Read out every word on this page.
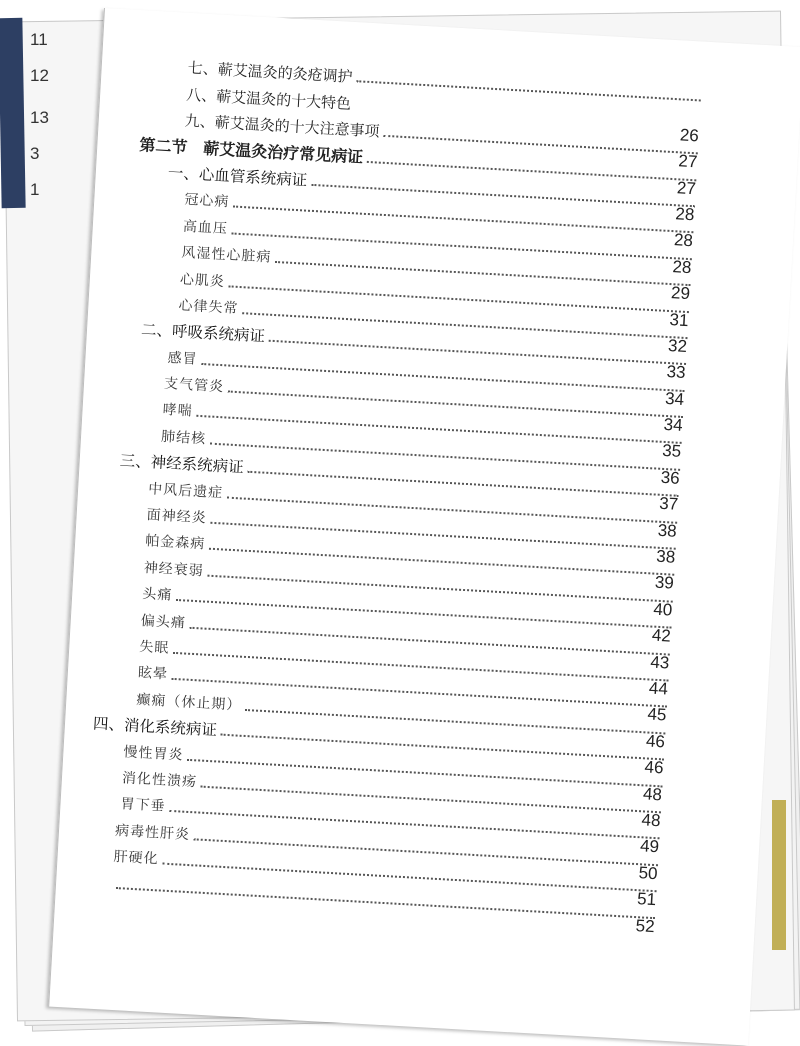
11
12
13
3
1
七、蕲艾温灸的灸疮调护
八、蕲艾温灸的十大特色
26
九、蕲艾温灸的十大注意事项
27
第二节　蕲艾温灸治疗常见病证
27
一、心血管系统病证
28
冠心病
28
高血压
28
风湿性心脏病
29
心肌炎
31
心律失常
32
二、呼吸系统病证
33
感冒
34
支气管炎
34
哮喘
35
肺结核
36
三、神经系统病证
37
中风后遗症
38
面神经炎
38
帕金森病
39
神经衰弱
40
头痛
42
偏头痛
43
失眠
44
眩晕
45
癫痫（休止期）
46
四、消化系统病证
46
慢性胃炎
48
消化性溃疡
48
胃下垂
49
病毒性肝炎
50
肝硬化
51
52
